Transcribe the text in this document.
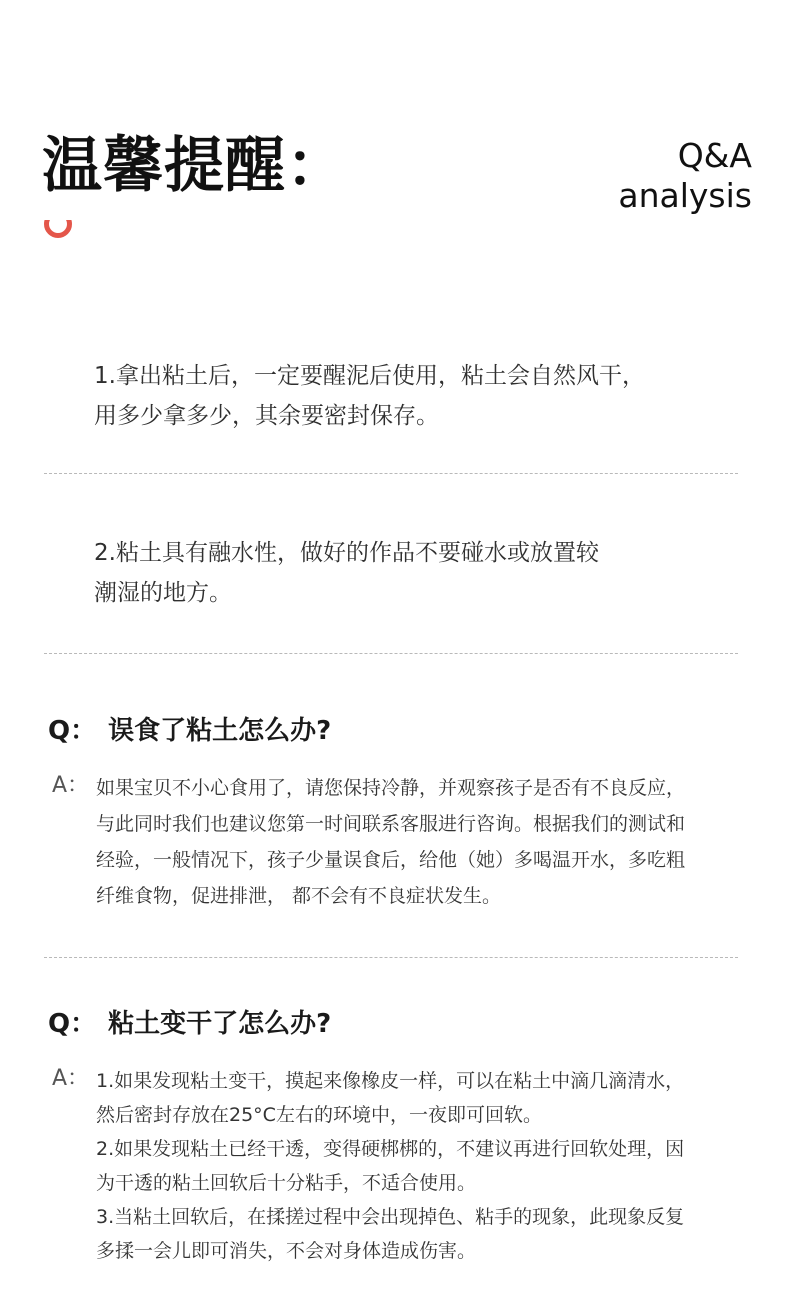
温馨提醒：	Q&A
analysis
1.拿出粘土后，一定要醒泥后使用，粘土会自然风干，
用多少拿多少，其余要密封保存。
2.粘土具有融水性，做好的作品不要碰水或放置较
潮湿的地方。
Q： 误食了粘土怎么办?
A： 如果宝贝不小心食用了，请您保持冷静，并观察孩子是否有不良反应，
与此同时我们也建议您第一时间联系客服进行咨询。根据我们的测试和
经验，一般情况下，孩子少量误食后，给他（她）多喝温开水，多吃粗
纤维食物，促进排泄， 都不会有不良症状发生。
Q： 粘土变干了怎么办?
A： 1.如果发现粘土变干，摸起来像橡皮一样，可以在粘土中滴几滴清水，
然后密封存放在25°C左右的环境中，一夜即可回软。
2.如果发现粘土已经干透，变得硬梆梆的，不建议再进行回软处理，因
为干透的粘土回软后十分粘手，不适合使用。
3.当粘土回软后，在揉搓过程中会出现掉色、粘手的现象，此现象反复
多揉一会儿即可消失，不会对身体造成伤害。
